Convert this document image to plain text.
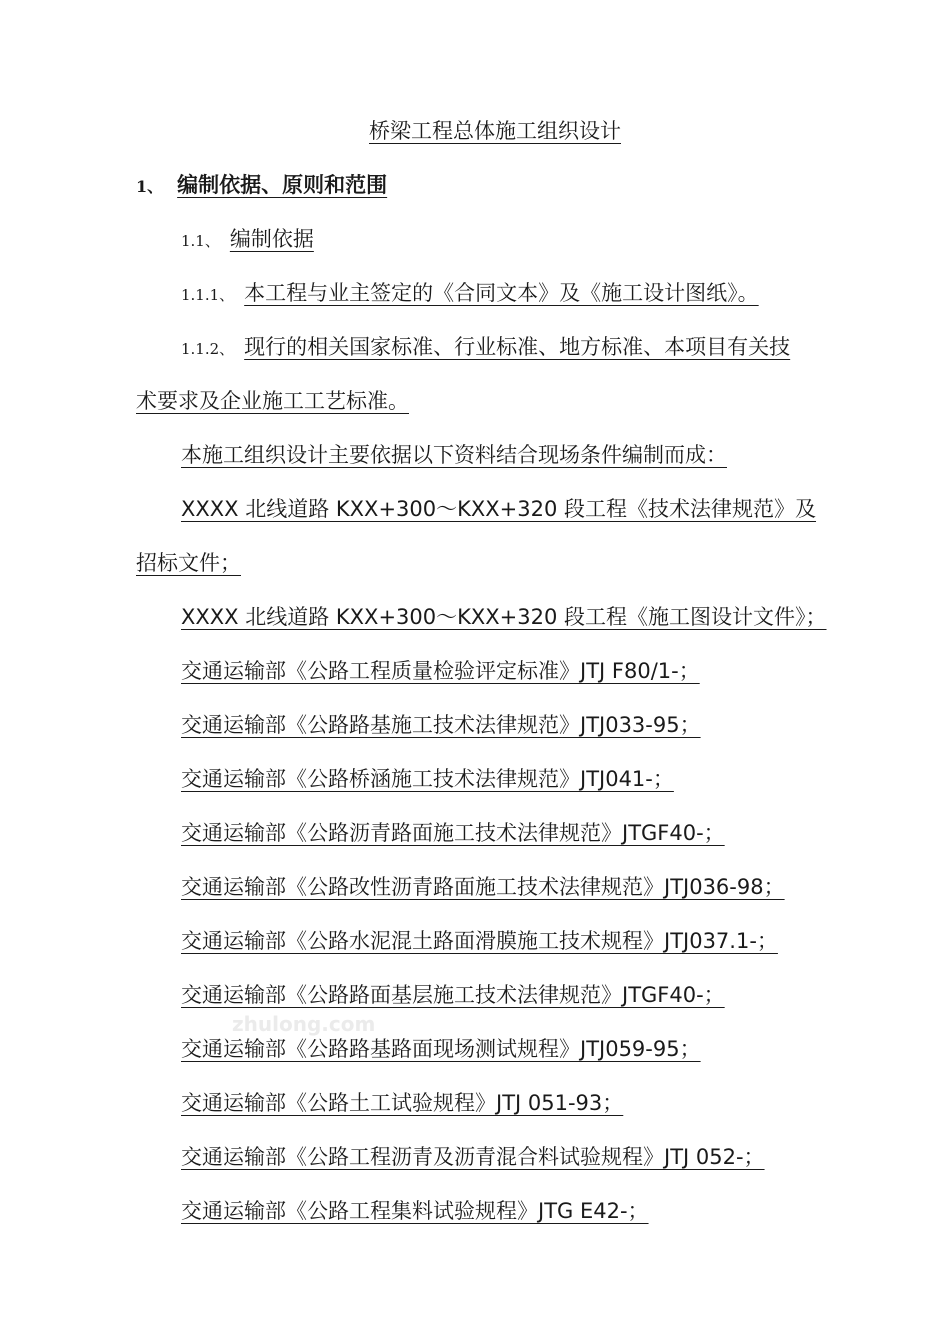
桥梁工程总体施工组织设计
1、 编制依据、原则和范围
1.1、 编制依据
1.1.1、 本工程与业主签定的《合同文本》及《施工设计图纸》。
1.1.2、 现行的相关国家标准、行业标准、地方标准、本项目有关技
术要求及企业施工工艺标准。
本施工组织设计主要依据以下资料结合现场条件编制而成：
XXXX 北线道路 KXX+300～KXX+320 段工程《技术法律规范》及
招标文件；
XXXX 北线道路 KXX+300～KXX+320 段工程《施工图设计文件》；
交通运输部《公路工程质量检验评定标准》JTJ F80/1-；
交通运输部《公路路基施工技术法律规范》JTJ033-95；
交通运输部《公路桥涵施工技术法律规范》JTJ041-；
交通运输部《公路沥青路面施工技术法律规范》JTGF40-；
交通运输部《公路改性沥青路面施工技术法律规范》JTJ036-98；
交通运输部《公路水泥混土路面滑膜施工技术规程》JTJ037.1-；
交通运输部《公路路面基层施工技术法律规范》JTGF40-；
交通运输部《公路路基路面现场测试规程》JTJ059-95；
交通运输部《公路土工试验规程》JTJ 051-93；
交通运输部《公路工程沥青及沥青混合料试验规程》JTJ 052-；
交通运输部《公路工程集料试验规程》JTG E42-；
zhulong.com
